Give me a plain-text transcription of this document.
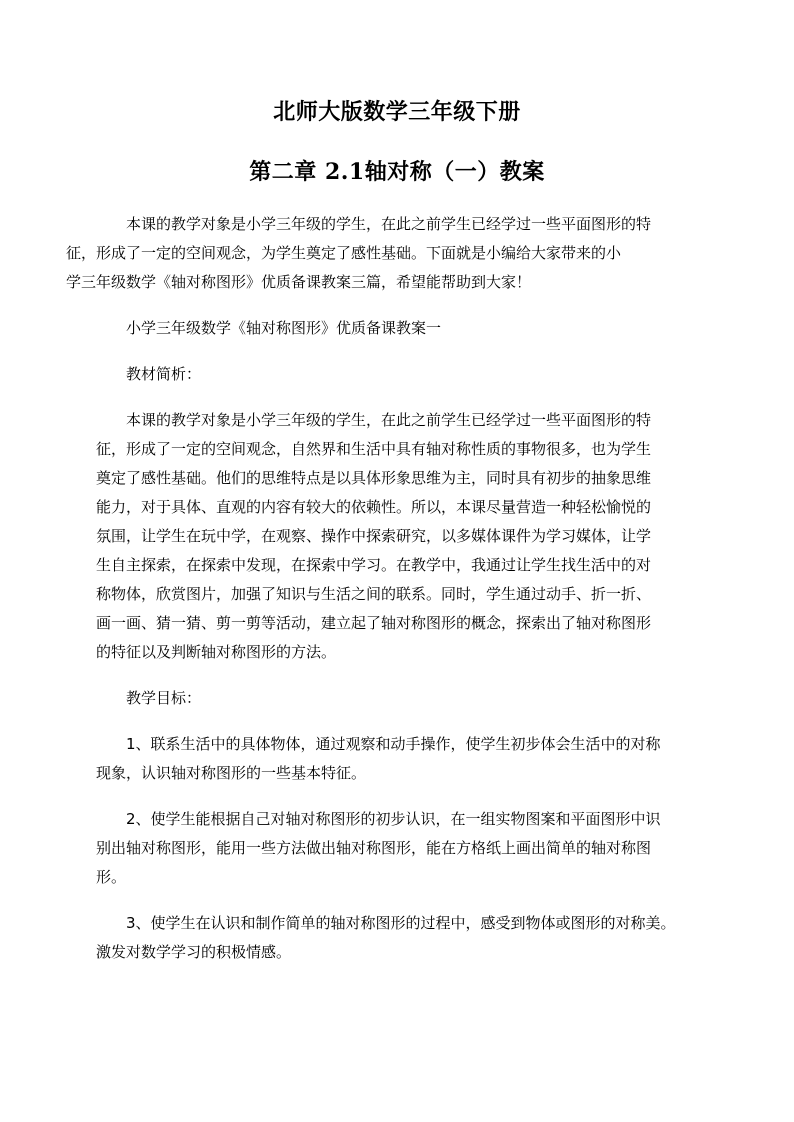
北师大版数学三年级下册
第二章 2.1轴对称（一）教案

本课的教学对象是小学三年级的学生，在此之前学生已经学过一些平面图形的特
征，形成了一定的空间观念，为学生奠定了感性基础。下面就是小编给大家带来的小
学三年级数学《轴对称图形》优质备课教案三篇，希望能帮助到大家！

小学三年级数学《轴对称图形》优质备课教案一

教材简析：

本课的教学对象是小学三年级的学生，在此之前学生已经学过一些平面图形的特
征，形成了一定的空间观念，自然界和生活中具有轴对称性质的事物很多，也为学生
奠定了感性基础。他们的思维特点是以具体形象思维为主，同时具有初步的抽象思维
能力，对于具体、直观的内容有较大的依赖性。所以，本课尽量营造一种轻松愉悦的
氛围，让学生在玩中学，在观察、操作中探索研究，以多媒体课件为学习媒体，让学
生自主探索，在探索中发现，在探索中学习。在教学中，我通过让学生找生活中的对
称物体，欣赏图片，加强了知识与生活之间的联系。同时，学生通过动手、折一折、
画一画、猜一猜、剪一剪等活动，建立起了轴对称图形的概念，探索出了轴对称图形
的特征以及判断轴对称图形的方法。

教学目标：

1、联系生活中的具体物体，通过观察和动手操作，使学生初步体会生活中的对称
现象，认识轴对称图形的一些基本特征。

2、使学生能根据自己对轴对称图形的初步认识，在一组实物图案和平面图形中识
别出轴对称图形，能用一些方法做出轴对称图形，能在方格纸上画出简单的轴对称图
形。

3、使学生在认识和制作简单的轴对称图形的过程中，感受到物体或图形的对称美。
激发对数学学习的积极情感。
